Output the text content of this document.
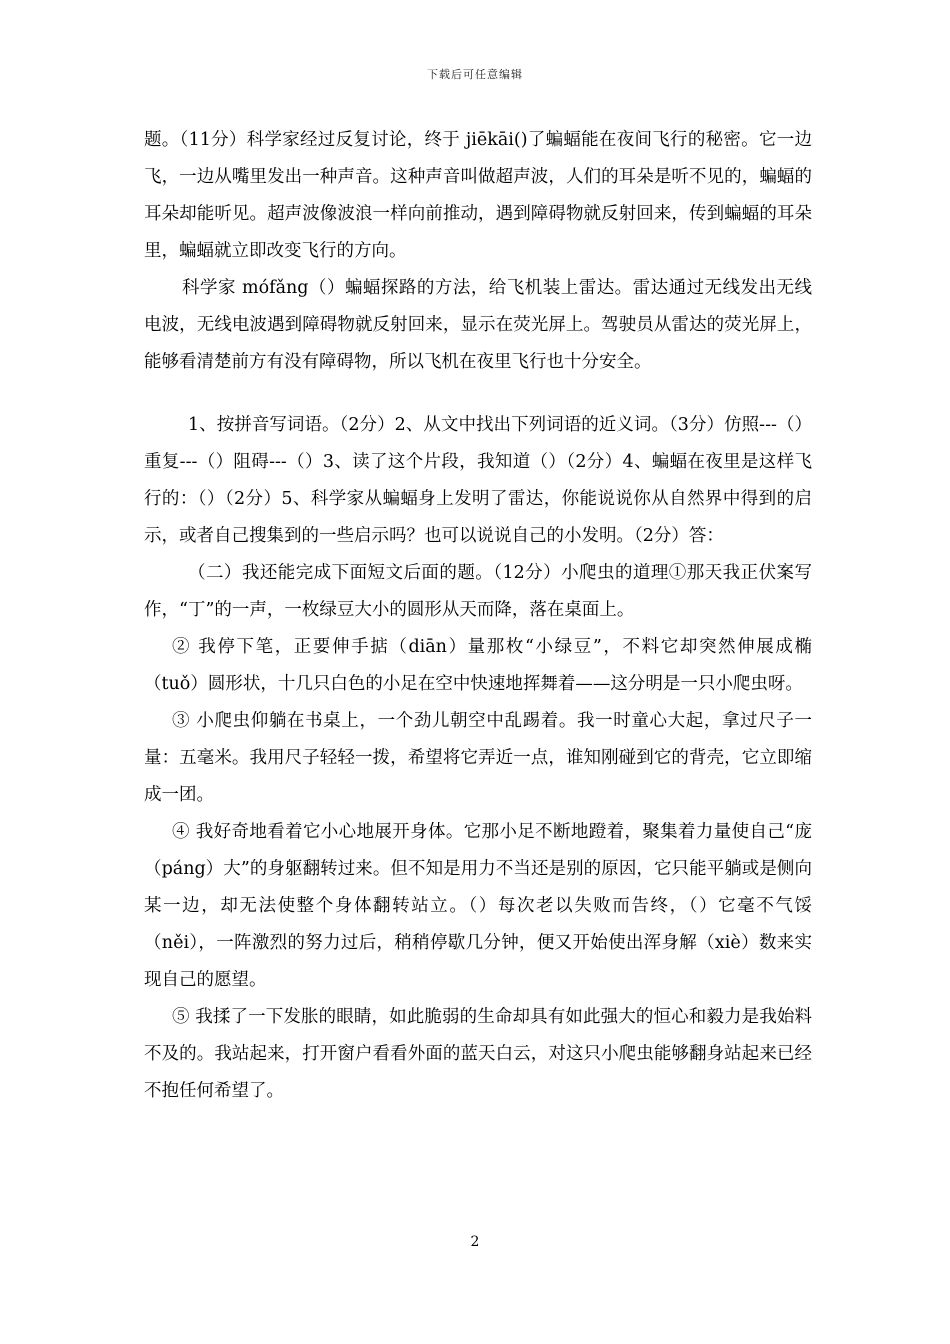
下载后可任意编辑

题。（11分）科学家经过反复讨论，终于 jiēkāi()了蝙蝠能在夜间飞行的秘密。它一边飞，一边从嘴里发出一种声音。这种声音叫做超声波，人们的耳朵是听不见的，蝙蝠的耳朵却能听见。超声波像波浪一样向前推动，遇到障碍物就反射回来，传到蝙蝠的耳朵里，蝙蝠就立即改变飞行的方向。

科学家 mófǎng（）蝙蝠探路的方法，给飞机装上雷达。雷达通过无线发出无线电波，无线电波遇到障碍物就反射回来，显示在荧光屏上。驾驶员从雷达的荧光屏上，能够看清楚前方有没有障碍物，所以飞机在夜里飞行也十分安全。

1、按拼音写词语。（2分）2、从文中找出下列词语的近义词。（3分）仿照---（）重复---（）阻碍---（）3、读了这个片段，我知道（）（2分）4、蝙蝠在夜里是这样飞行的：（）（2分）5、科学家从蝙蝠身上发明了雷达，你能说说你从自然界中得到的启示，或者自己搜集到的一些启示吗？也可以说说自己的小发明。（2分）答：

（二）我还能完成下面短文后面的题。（12分）小爬虫的道理①那天我正伏案写作，“丁”的一声，一枚绿豆大小的圆形从天而降，落在桌面上。

② 我停下笔，正要伸手掂（diān）量那枚“小绿豆”，不料它却突然伸展成椭（tuǒ）圆形状，十几只白色的小足在空中快速地挥舞着——这分明是一只小爬虫呀。

③ 小爬虫仰躺在书桌上，一个劲儿朝空中乱踢着。我一时童心大起，拿过尺子一量：五毫米。我用尺子轻轻一拨，希望将它弄近一点，谁知刚碰到它的背壳，它立即缩成一团。

④ 我好奇地看着它小心地展开身体。它那小足不断地蹬着，聚集着力量使自己“庞（páng）大”的身躯翻转过来。但不知是用力不当还是别的原因，它只能平躺或是侧向某一边，却无法使整个身体翻转站立。（）每次老以失败而告终，（）它毫不气馁（něi），一阵激烈的努力过后，稍稍停歇几分钟，便又开始使出浑身解（xiè）数来实现自己的愿望。

⑤ 我揉了一下发胀的眼睛，如此脆弱的生命却具有如此强大的恒心和毅力是我始料不及的。我站起来，打开窗户看看外面的蓝天白云，对这只小爬虫能够翻身站起来已经不抱任何希望了。

2
